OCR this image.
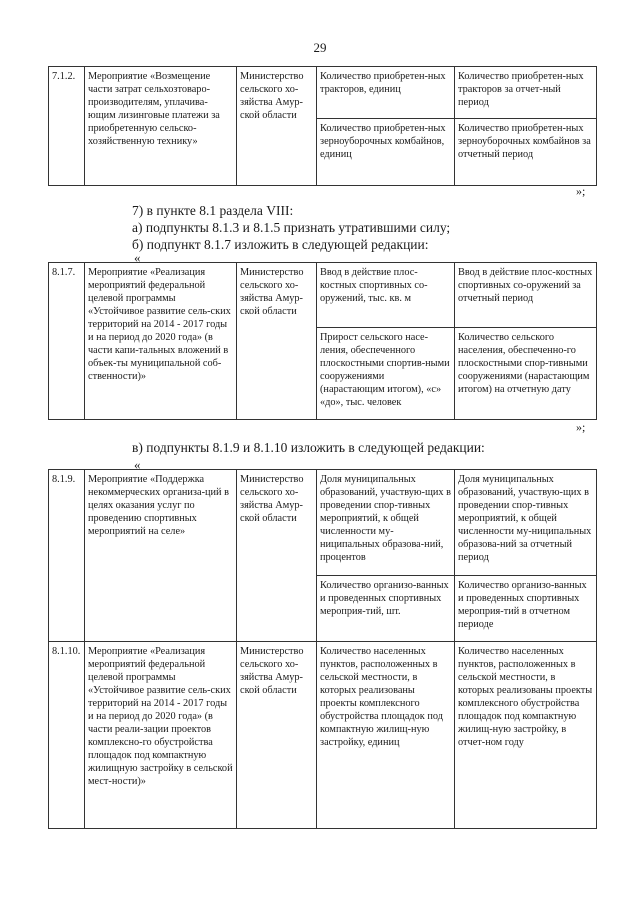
29
7.1.2.	Мероприятие «Возмещение части затрат сельхозтоваро-производителям, уплачива-ющим лизинговые платежи за приобретенную сельско-хозяйственную технику»	Министерство сельского хо-зяйства Амур-ской области	Количество приобретен-ных тракторов, единиц	Количество приобретен-ных тракторов за отчет-ный период
			Количество приобретен-ных зерноуборочных комбайнов, единиц	Количество приобретен-ных зерноуборочных комбайнов за отчетный период
»;
7) в пункте 8.1 раздела VIII:
а) подпункты 8.1.3 и 8.1.5 признать утратившими силу;
б) подпункт 8.1.7 изложить в следующей редакции:
«
8.1.7.	Мероприятие «Реализация мероприятий федеральной целевой программы «Устойчивое развитие сель-ских территорий на 2014 - 2017 годы и на период до 2020 года» (в части капи-тальных вложений в объек-ты муниципальной соб-ственности)»	Министерство сельского хо-зяйства Амур-ской области	Ввод в действие плос-костных спортивных со-оружений, тыс. кв. м	Ввод в действие плос-костных спортивных со-оружений за отчетный период
			Прирост сельского насе-ления, обеспеченного плоскостными спортив-ными сооружениями (нарастающим итогом), «с» «до», тыс. человек	Количество сельского населения, обеспеченно-го плоскостными спор-тивными сооружениями (нарастающим итогом) на отчетную дату
»;
в) подпункты 8.1.9 и 8.1.10 изложить в следующей редакции:
«
8.1.9.	Мероприятие «Поддержка некоммерческих организа-ций в целях оказания услуг по проведению спортивных мероприятий на селе»	Министерство сельского хо-зяйства Амур-ской области	Доля муниципальных образований, участвую-щих в проведении спор-тивных мероприятий, к общей численности му-ниципальных образова-ний, процентов	Доля муниципальных образований, участвую-щих в проведении спор-тивных мероприятий, к общей численности му-ниципальных образова-ний за отчетный период
			Количество организо-ванных и проведенных спортивных мероприя-тий, шт.	Количество организо-ванных и проведенных спортивных мероприя-тий в отчетном периоде
8.1.10.	Мероприятие «Реализация мероприятий федеральной целевой программы «Устойчивое развитие сель-ских территорий на 2014 - 2017 годы и на период до 2020 года» (в части реали-зации проектов комплексно-го обустройства площадок под компактную жилищную застройку в сельской мест-ности)»	Министерство сельского хо-зяйства Амур-ской области	Количество населенных пунктов, расположенных в сельской местности, в которых реализованы проекты комплексного обустройства площадок под компактную жилищ-ную застройку, единиц	Количество населенных пунктов, расположенных в сельской местности, в которых реализованы проекты комплексного обустройства площадок под компактную жилищ-ную застройку, в отчет-ном году
